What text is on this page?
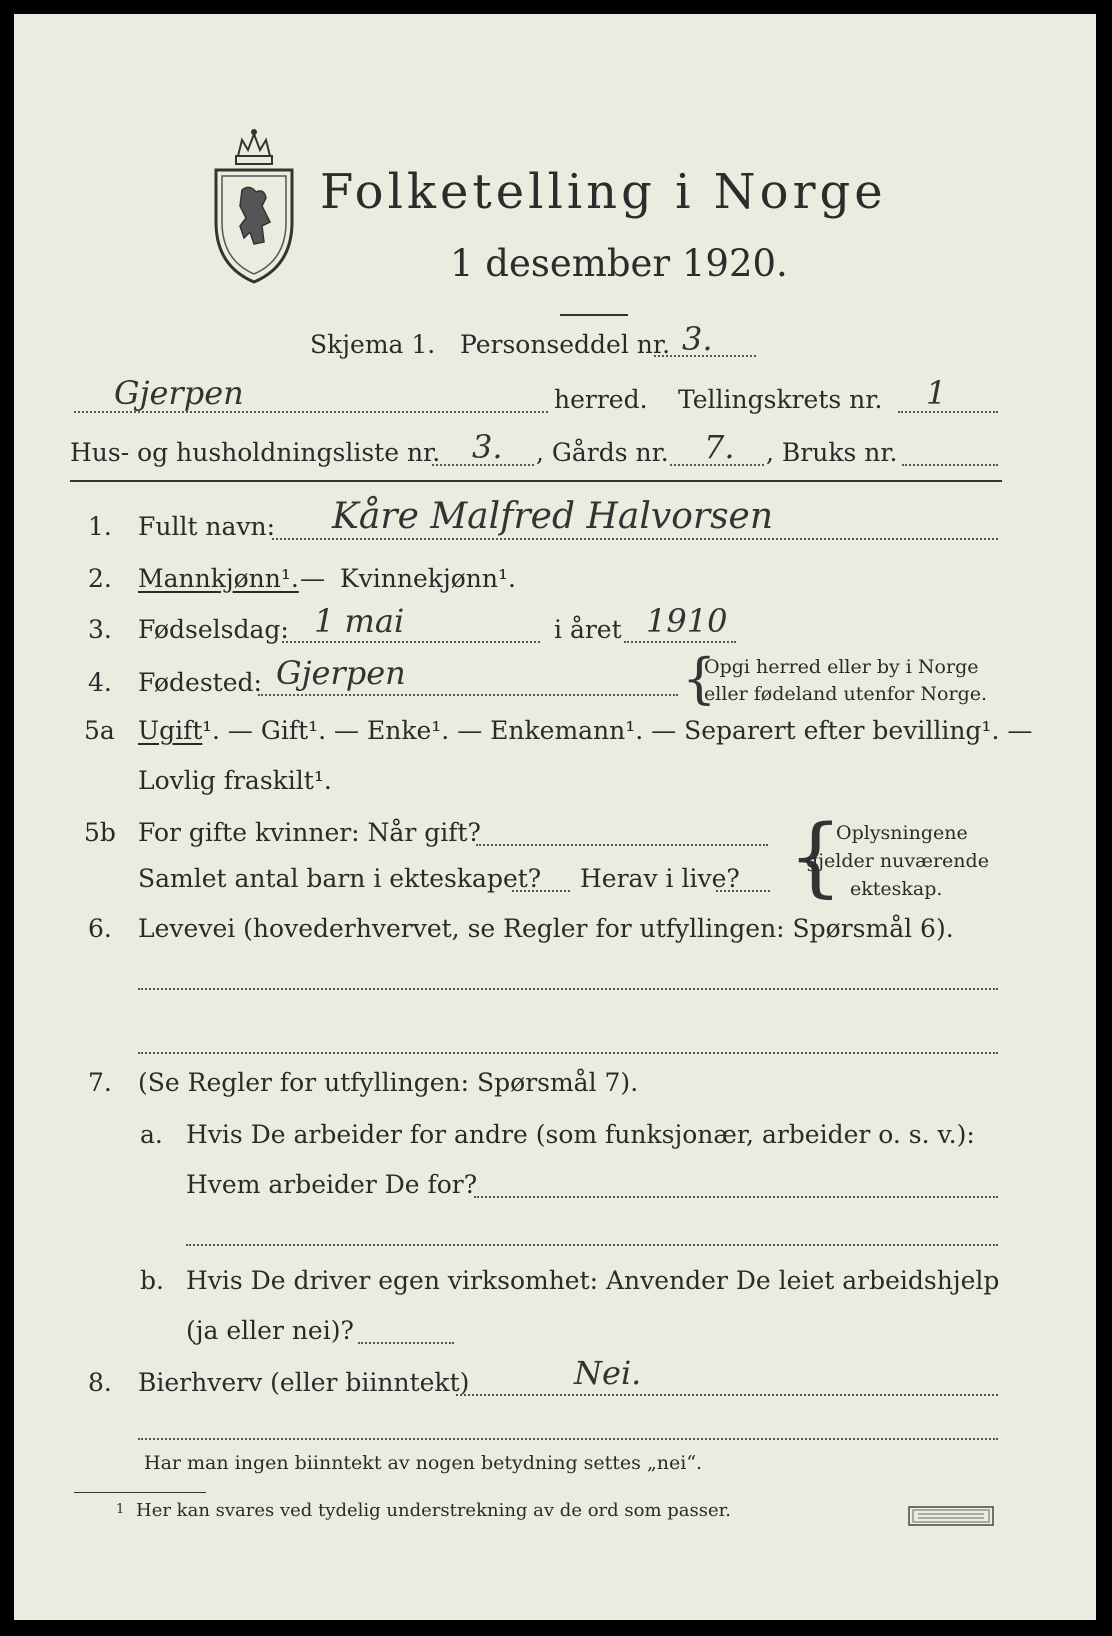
Folketelling i Norge
1 desember 1920.
Skjema 1. Personseddel nr. 3.
Gjerpen	herred. Tellingskrets nr. 1
Hus- og husholdningsliste nr. 3. , Gårds nr. 7. , Bruks nr.
1. Fullt navn: Kåre Malfred Halvorsen
2. Mannkjønn¹. — Kvinnekjønn¹.
3. Fødselsdag: 1 mai	i året 1910
4. Fødested: Gjerpen	{
Opgi herred eller by i Norge
eller fødeland utenfor Norge.
5a Ugift ¹. — Gift¹. — Enke¹. — Enkemann¹. — Separert efter bevilling¹. —
Lovlig fraskilt¹.
5b For gifte kvinner: Når gift?
Samlet antal barn i ekteskapet? Herav i live? {
Oplysningene
gjelder nuværende
ekteskap.
6. Levevei (hovederhvervet, se Regler for utfyllingen: Spørsmål 6).
7. (Se Regler for utfyllingen: Spørsmål 7).
a. Hvis De arbeider for andre (som funksjonær, arbeider o. s. v.):
Hvem arbeider De for?
b. Hvis De driver egen virksomhet: Anvender De leiet arbeidshjelp
(ja eller nei)?
8. Bierhverv (eller biinntekt)	Nei.
Har man ingen biinntekt av nogen betydning settes „nei“.
1 Her kan svares ved tydelig understrekning av de ord som passer.
